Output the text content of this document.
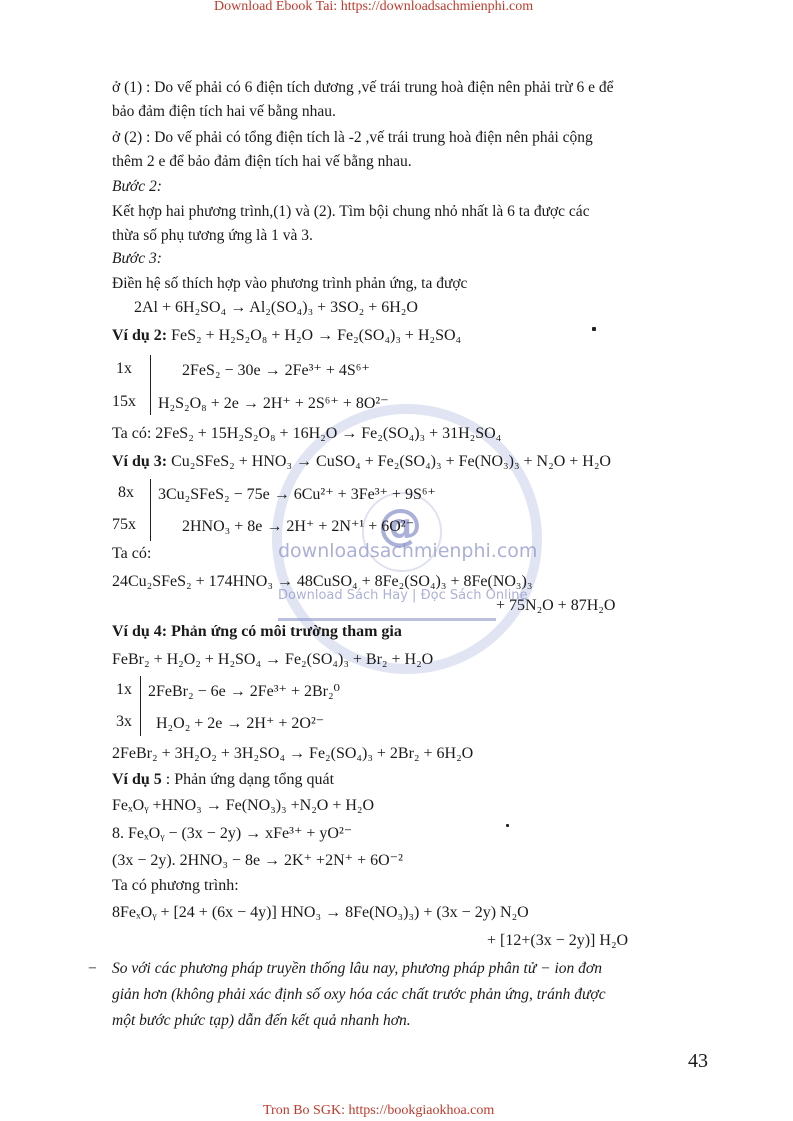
@
downloadsachmienphi.com
Download Sách Hay | Đọc Sách Online
Download Ebook Tai: https://downloadsachmienphi.com
Tron Bo SGK: https://bookgiaokhoa.com
ở (1) : Do vế phải có 6 điện tích dương ,vế trái trung hoà điện nên phải trừ 6 e để
bảo đảm điện tích hai vế bằng nhau.
ở (2) : Do vế phải có tổng điện tích là -2 ,vế trái trung hoà điện nên phải cộng
thêm 2 e để bảo đảm điện tích hai vế bằng nhau.
Bước 2:
Kết hợp hai phương trình,(1) và (2). Tìm bội chung nhỏ nhất là 6 ta được các
thừa số phụ tương ứng là 1 và 3.
Bước 3:
Điền hệ số thích hợp vào phương trình phản ứng, ta được
2Al + 6H₂SO₄ → Al₂(SO₄)₃ + 3SO₂ + 6H₂O
Ví dụ 2: FeS₂ + H₂S₂O₈ + H₂O → Fe₂(SO₄)₃ + H₂SO₄
1x	2FeS₂ − 30e → 2Fe³⁺ + 4S⁶⁺
15x H₂S₂O₈ + 2e → 2H⁺ + 2S⁶⁺ + 8O²⁻
Ta có: 2FeS₂ + 15H₂S₂O₈ + 16H₂O → Fe₂(SO₄)₃ + 31H₂SO₄
Ví dụ 3: Cu₂SFeS₂ + HNO₃ → CuSO₄ + Fe₂(SO₄)₃ + Fe(NO₃)₃ + N₂O + H₂O
8x 3Cu₂SFeS₂ − 75e → 6Cu²⁺ + 3Fe³⁺ + 9S⁶⁺
75x	2HNO₃ + 8e → 2H⁺ + 2N⁺¹ + 6O²⁻
Ta có:
24Cu₂SFeS₂ + 174HNO₃ → 48CuSO₄ + 8Fe₂(SO₄)₃ + 8Fe(NO₃)₃
+ 75N₂O + 87H₂O
Ví dụ 4: Phản ứng có môi trường tham gia
FeBr₂ + H₂O₂ + H₂SO₄ → Fe₂(SO₄)₃ + Br₂ + H₂O
1x 2FeBr₂ − 6e → 2Fe³⁺ + 2Br₂⁰
3x H₂O₂ + 2e → 2H⁺ + 2O²⁻
2FeBr₂ + 3H₂O₂ + 3H₂SO₄ → Fe₂(SO₄)₃ + 2Br₂ + 6H₂O
Ví dụ 5 : Phản ứng dạng tổng quát
FeₓOᵧ +HNO₃ → Fe(NO₃)₃ +N₂O + H₂O
8. FeₓOᵧ − (3x − 2y) → xFe³⁺ + yO²⁻
(3x − 2y). 2HNO₃ − 8e → 2K⁺ +2N⁺ + 6O⁻²
Ta có phương trình:
8FeₓOᵧ + [24 + (6x − 4y)] HNO₃ → 8Fe(NO₃)₃) + (3x − 2y) N₂O
+ [12+(3x − 2y)] H₂O
− So với các phương pháp truyền thống lâu nay, phương pháp phân tử − ion đơn
giản hơn (không phải xác định số oxy hóa các chất trước phản ứng, tránh được
một bước phức tạp) dẫn đến kết quả nhanh hơn.
43
